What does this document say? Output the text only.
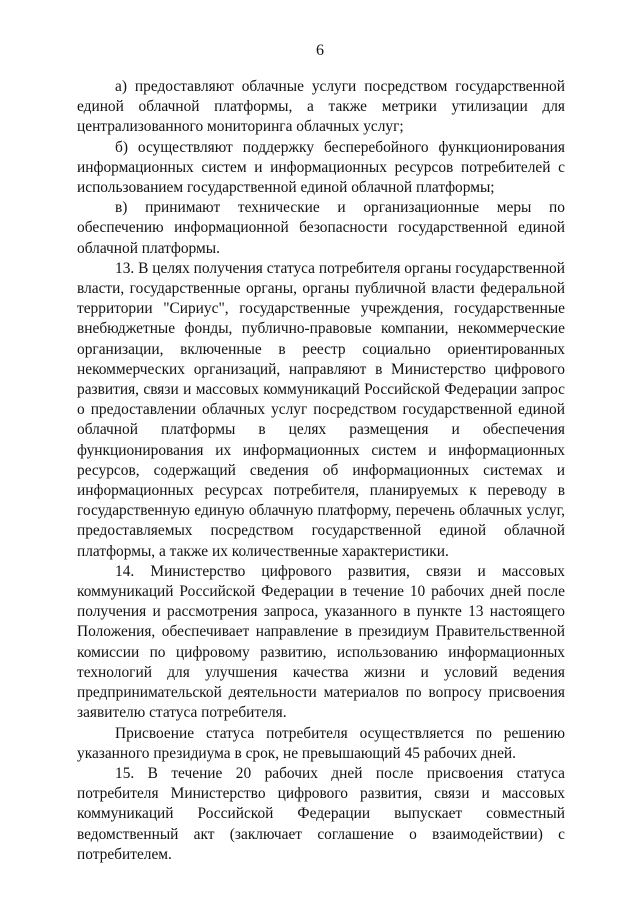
6

а) предоставляют облачные услуги посредством государственной единой облачной платформы, а также метрики утилизации для централизованного мониторинга облачных услуг;

б) осуществляют поддержку бесперебойного функционирования информационных систем и информационных ресурсов потребителей с использованием государственной единой облачной платформы;

в) принимают технические и организационные меры по обеспечению информационной безопасности государственной единой облачной платформы.

13. В целях получения статуса потребителя органы государственной власти, государственные органы, органы публичной власти федеральной территории "Сириус", государственные учреждения, государственные внебюджетные фонды, публично-правовые компании, некоммерческие организации, включенные в реестр социально ориентированных некоммерческих организаций, направляют в Министерство цифрового развития, связи и массовых коммуникаций Российской Федерации запрос о предоставлении облачных услуг посредством государственной единой облачной платформы в целях размещения и обеспечения функционирования их информационных систем и информационных ресурсов, содержащий сведения об информационных системах и информационных ресурсах потребителя, планируемых к переводу в государственную единую облачную платформу, перечень облачных услуг, предоставляемых посредством государственной единой облачной платформы, а также их количественные характеристики.

14. Министерство цифрового развития, связи и массовых коммуникаций Российской Федерации в течение 10 рабочих дней после получения и рассмотрения запроса, указанного в пункте 13 настоящего Положения, обеспечивает направление в президиум Правительственной комиссии по цифровому развитию, использованию информационных технологий для улучшения качества жизни и условий ведения предпринимательской деятельности материалов по вопросу присвоения заявителю статуса потребителя.

Присвоение статуса потребителя осуществляется по решению указанного президиума в срок, не превышающий 45 рабочих дней.

15. В течение 20 рабочих дней после присвоения статуса потребителя Министерство цифрового развития, связи и массовых коммуникаций Российской Федерации выпускает совместный ведомственный акт (заключает соглашение о взаимодействии) с потребителем.
